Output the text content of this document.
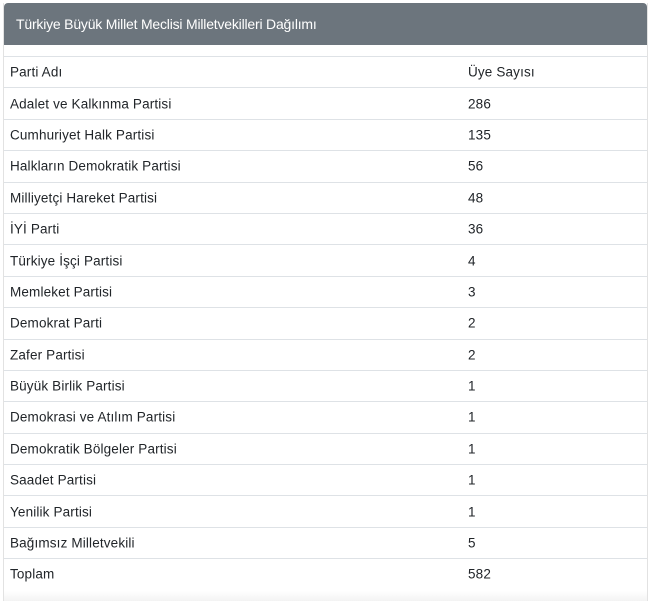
Türkiye Büyük Millet Meclisi Milletvekilleri Dağılımı
Parti Adı	Üye Sayısı
Adalet ve Kalkınma Partisi	286
Cumhuriyet Halk Partisi	135
Halkların Demokratik Partisi	56
Milliyetçi Hareket Partisi	48
İYİ Parti	36
Türkiye İşçi Partisi	4
Memleket Partisi	3
Demokrat Parti	2
Zafer Partisi	2
Büyük Birlik Partisi	1
Demokrasi ve Atılım Partisi	1
Demokratik Bölgeler Partisi	1
Saadet Partisi	1
Yenilik Partisi	1
Bağımsız Milletvekili	5
Toplam	582
